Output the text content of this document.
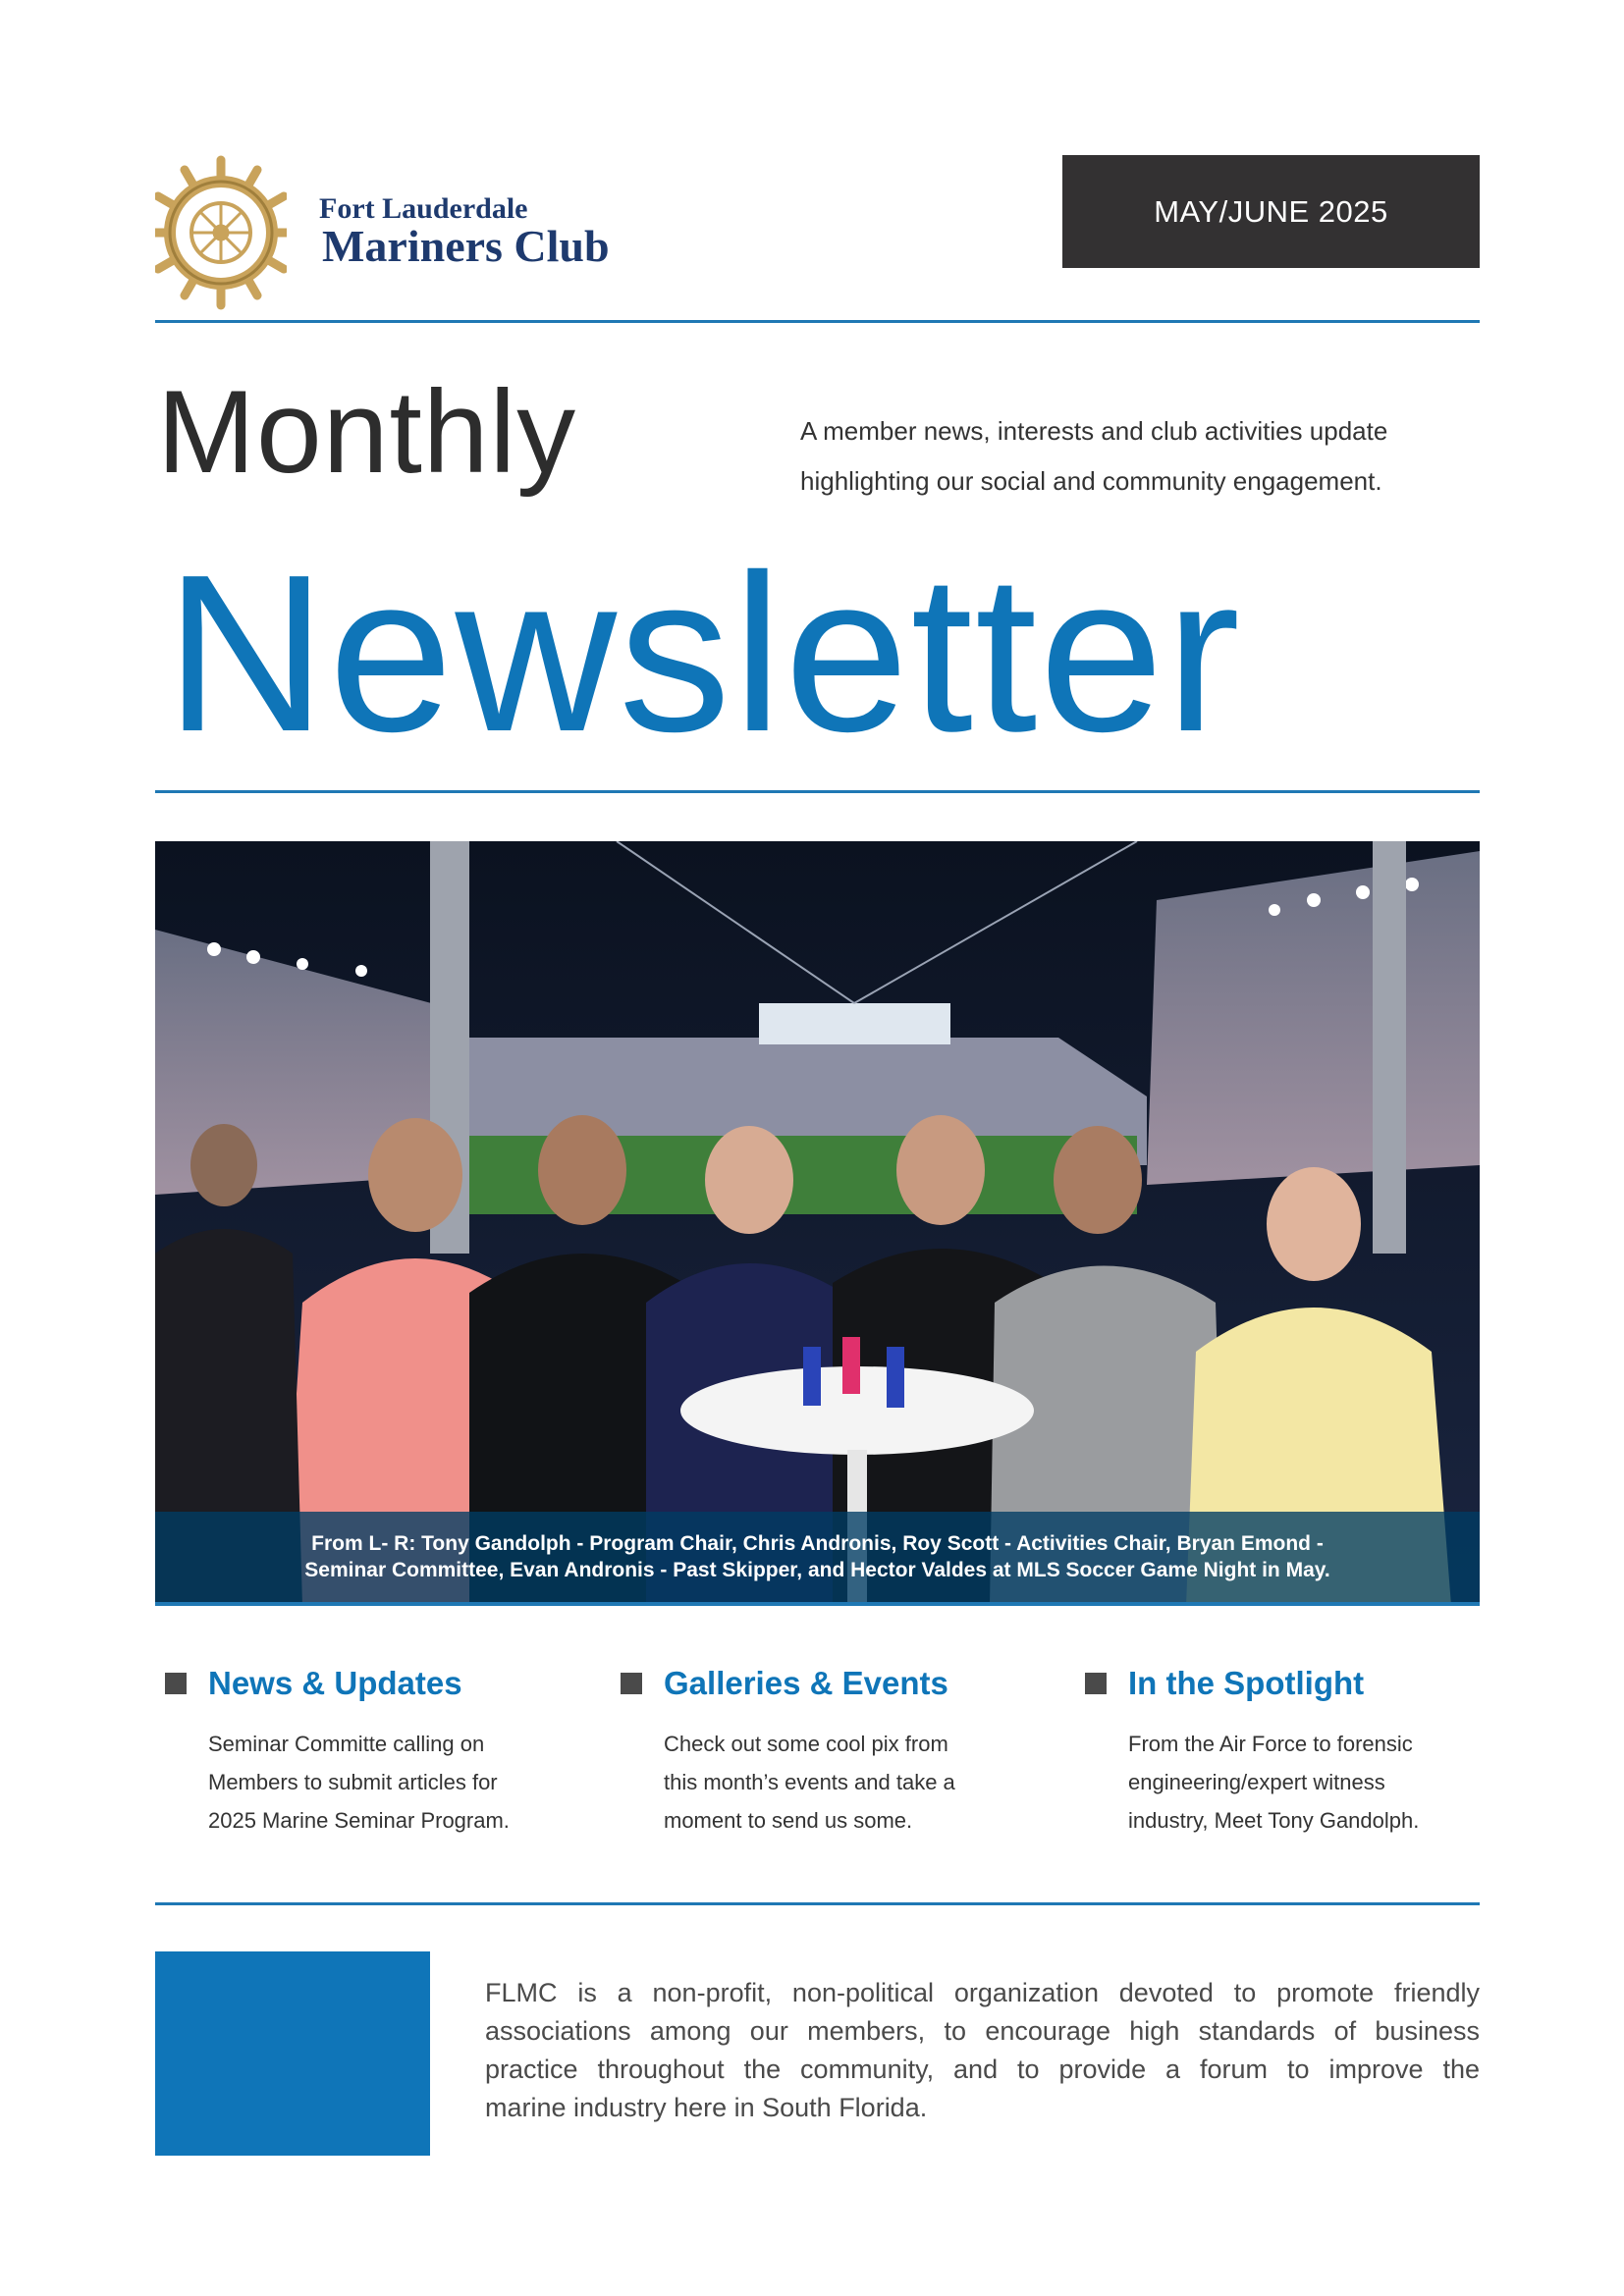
Fort Lauderdale
Mariners Club
MAY/JUNE 2025
Monthly	A member news, interests and club activities update
highlighting our social and community engagement.
Newsletter
From L- R: Tony Gandolph - Program Chair, Chris Andronis, Roy Scott - Activities Chair, Bryan Emond -
Seminar Committee, Evan Andronis - Past Skipper, and Hector Valdes at MLS Soccer Game Night in May.
News & Updates
Seminar Committe calling on
Members to submit articles for
2025 Marine Seminar Program.
Galleries & Events
Check out some cool pix from
this month’s events and take a
moment to send us some.
In the Spotlight
From the Air Force to forensic
engineering/expert witness
industry, Meet Tony Gandolph.
FLMC is a non-profit, non-political organization devoted to promote friendly
associations among our members, to encourage high standards of business
practice throughout the community, and to provide a forum to improve the
marine industry here in South Florida.
